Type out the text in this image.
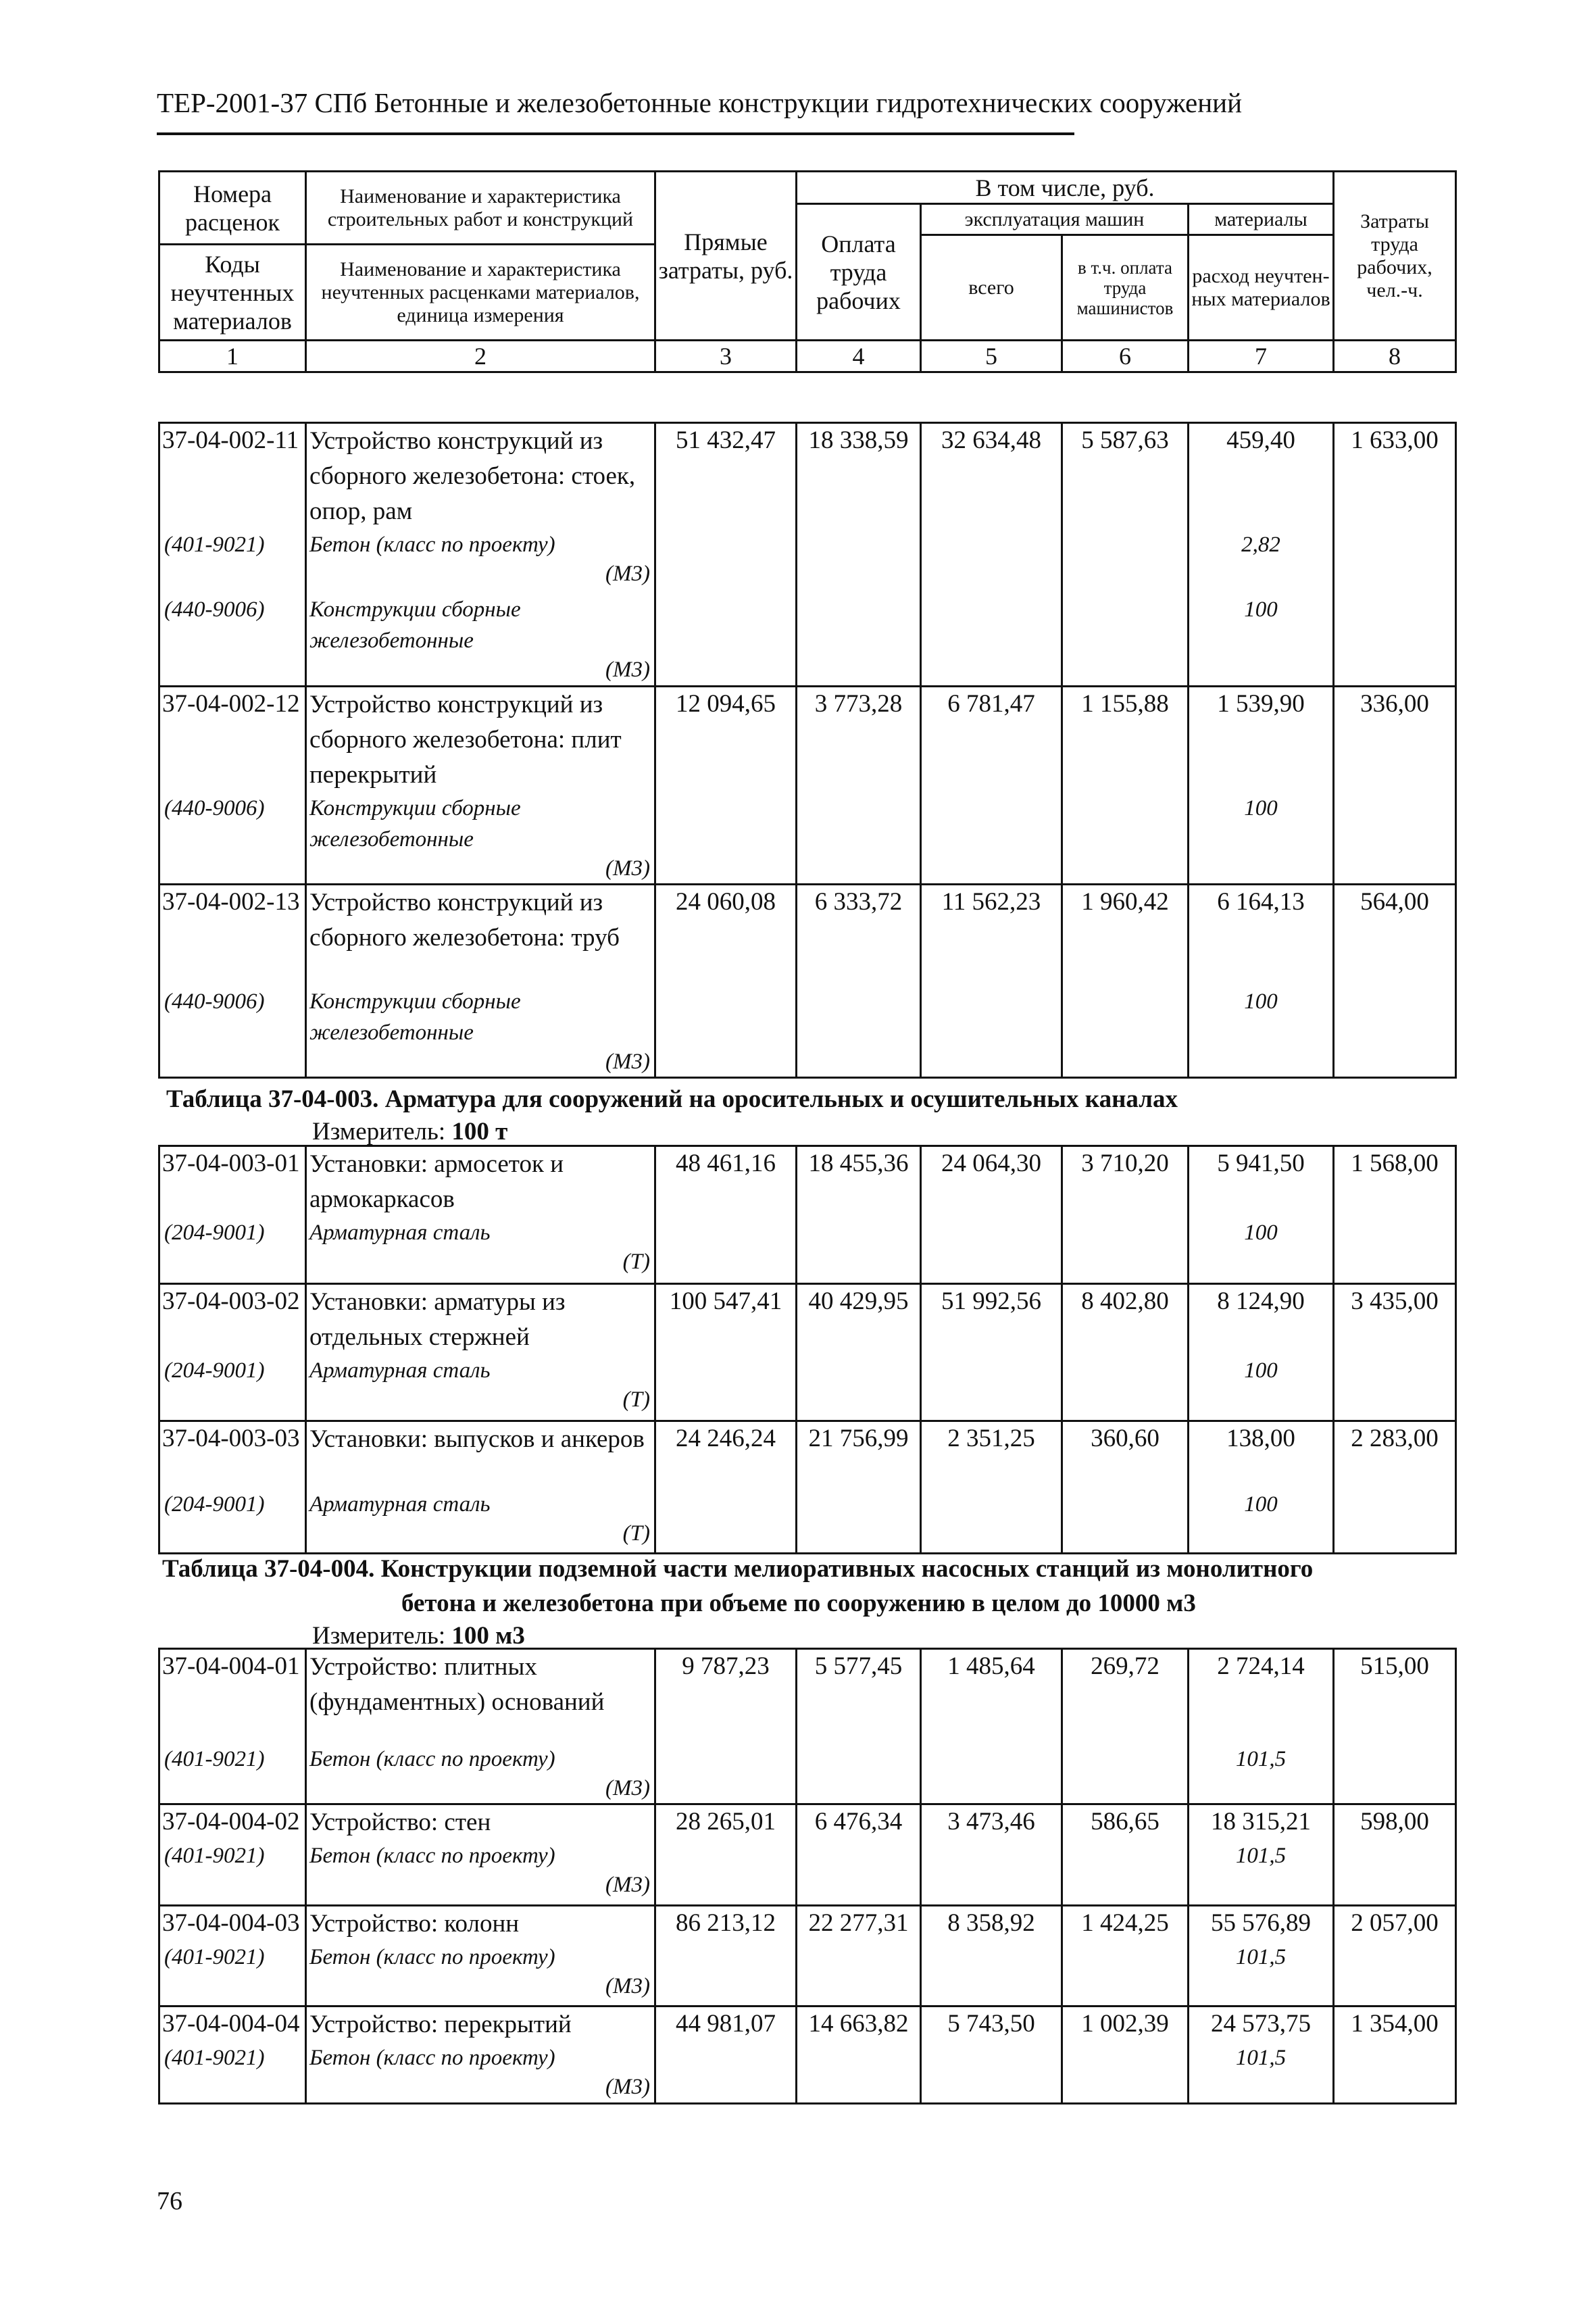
ТЕР-2001-37 СПб Бетонные и железобетонные конструкции гидротехнических сооружений
Номера расценок	Наименование и характеристика строительных работ и конструкций	Прямые затраты, руб.	В том числе, руб.				Затраты труда рабочих, чел.-ч.
			Оплата труда рабочих	эксплуатация машин		материалы	
				всего	в т.ч. оплата труда машинистов	расход неучтен-ных материалов	
Коды неучтенных материалов	Наименование и характеристика неучтенных расценками материалов, единица измерения						

1	2	3	4	5	6	7	8
37-04-002-11	Устройство конструкций из сборного железобетона: стоек, опор, рам	51 432,47	18 338,59	32 634,48	5 587,63	459,40	1 633,00
(401-9021)	Бетон (класс по проекту)					2,82	
	(М3)						
(440-9006)	Конструкции сборные железобетонные					100	
	(М3)						
37-04-002-12	Устройство конструкций из сборного железобетона: плит перекрытий	12 094,65	3 773,28	6 781,47	1 155,88	1 539,90	336,00
(440-9006)	Конструкции сборные железобетонные					100	
	(М3)						
37-04-002-13	Устройство конструкций из сборного железобетона: труб	24 060,08	6 333,72	11 562,23	1 960,42	6 164,13	564,00
(440-9006)	Конструкции сборные железобетонные					100	
	(М3)						
Таблица 37-04-003. Арматура для сооружений на оросительных и осушительных каналах
Измеритель: 100 т
37-04-003-01	Установки: армосеток и армокаркасов	48 461,16	18 455,36	24 064,30	3 710,20	5 941,50	1 568,00
(204-9001)	Арматурная сталь					100	
	(Т)						
37-04-003-02	Установки: арматуры из отдельных стержней	100 547,41	40 429,95	51 992,56	8 402,80	8 124,90	3 435,00
(204-9001)	Арматурная сталь					100	
	(Т)						
37-04-003-03	Установки: выпусков и анкеров	24 246,24	21 756,99	2 351,25	360,60	138,00	2 283,00
(204-9001)	Арматурная сталь					100	
	(Т)						
Таблица 37-04-004. Конструкции подземной части мелиоративных насосных станций из монолитного
бетона и железобетона при объеме по сооружению в целом до 10000 м3
Измеритель: 100 м3
37-04-004-01	Устройство: плитных (фундаментных) оснований	9 787,23	5 577,45	1 485,64	269,72	2 724,14	515,00
(401-9021)	Бетон (класс по проекту)					101,5	
	(М3)						
37-04-004-02	Устройство: стен	28 265,01	6 476,34	3 473,46	586,65	18 315,21	598,00
(401-9021)	Бетон (класс по проекту)					101,5	
	(М3)						
37-04-004-03	Устройство: колонн	86 213,12	22 277,31	8 358,92	1 424,25	55 576,89	2 057,00
(401-9021)	Бетон (класс по проекту)					101,5	
	(М3)						
37-04-004-04	Устройство: перекрытий	44 981,07	14 663,82	5 743,50	1 002,39	24 573,75	1 354,00
(401-9021)	Бетон (класс по проекту)					101,5	
	(М3)						
76
